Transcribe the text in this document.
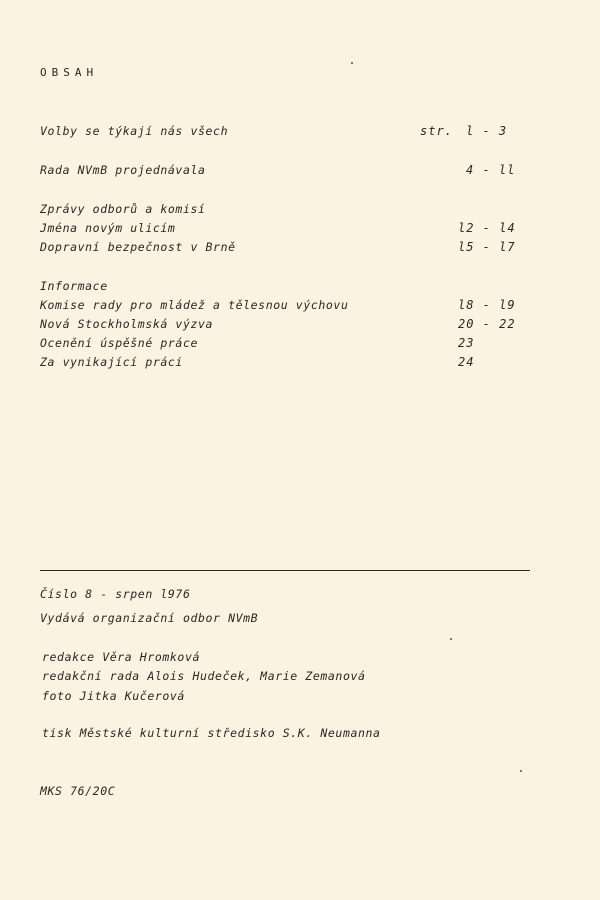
OBSAH
Volby se týkají nás všech	str. l - 3
Rada NVmB projednávala	4 - ll
Zprávy odborů a komisí
Jména novým ulicím	l2 - l4
Dopravní bezpečnost v Brně	l5 - l7
Informace
Komise rady pro mládež a tělesnou výchovu	l8 - l9
Nová Stockholmská výzva	20 - 22
Ocenění úspěšné práce	23
Za vynikající práci	24
Číslo 8 - srpen l976
Vydává organizační odbor NVmB
redakce Věra Hromková
redakční rada Alois Hudeček, Marie Zemanová
foto Jitka Kučerová
tisk Městské kulturní středisko S.K. Neumanna
MKS 76/20C
